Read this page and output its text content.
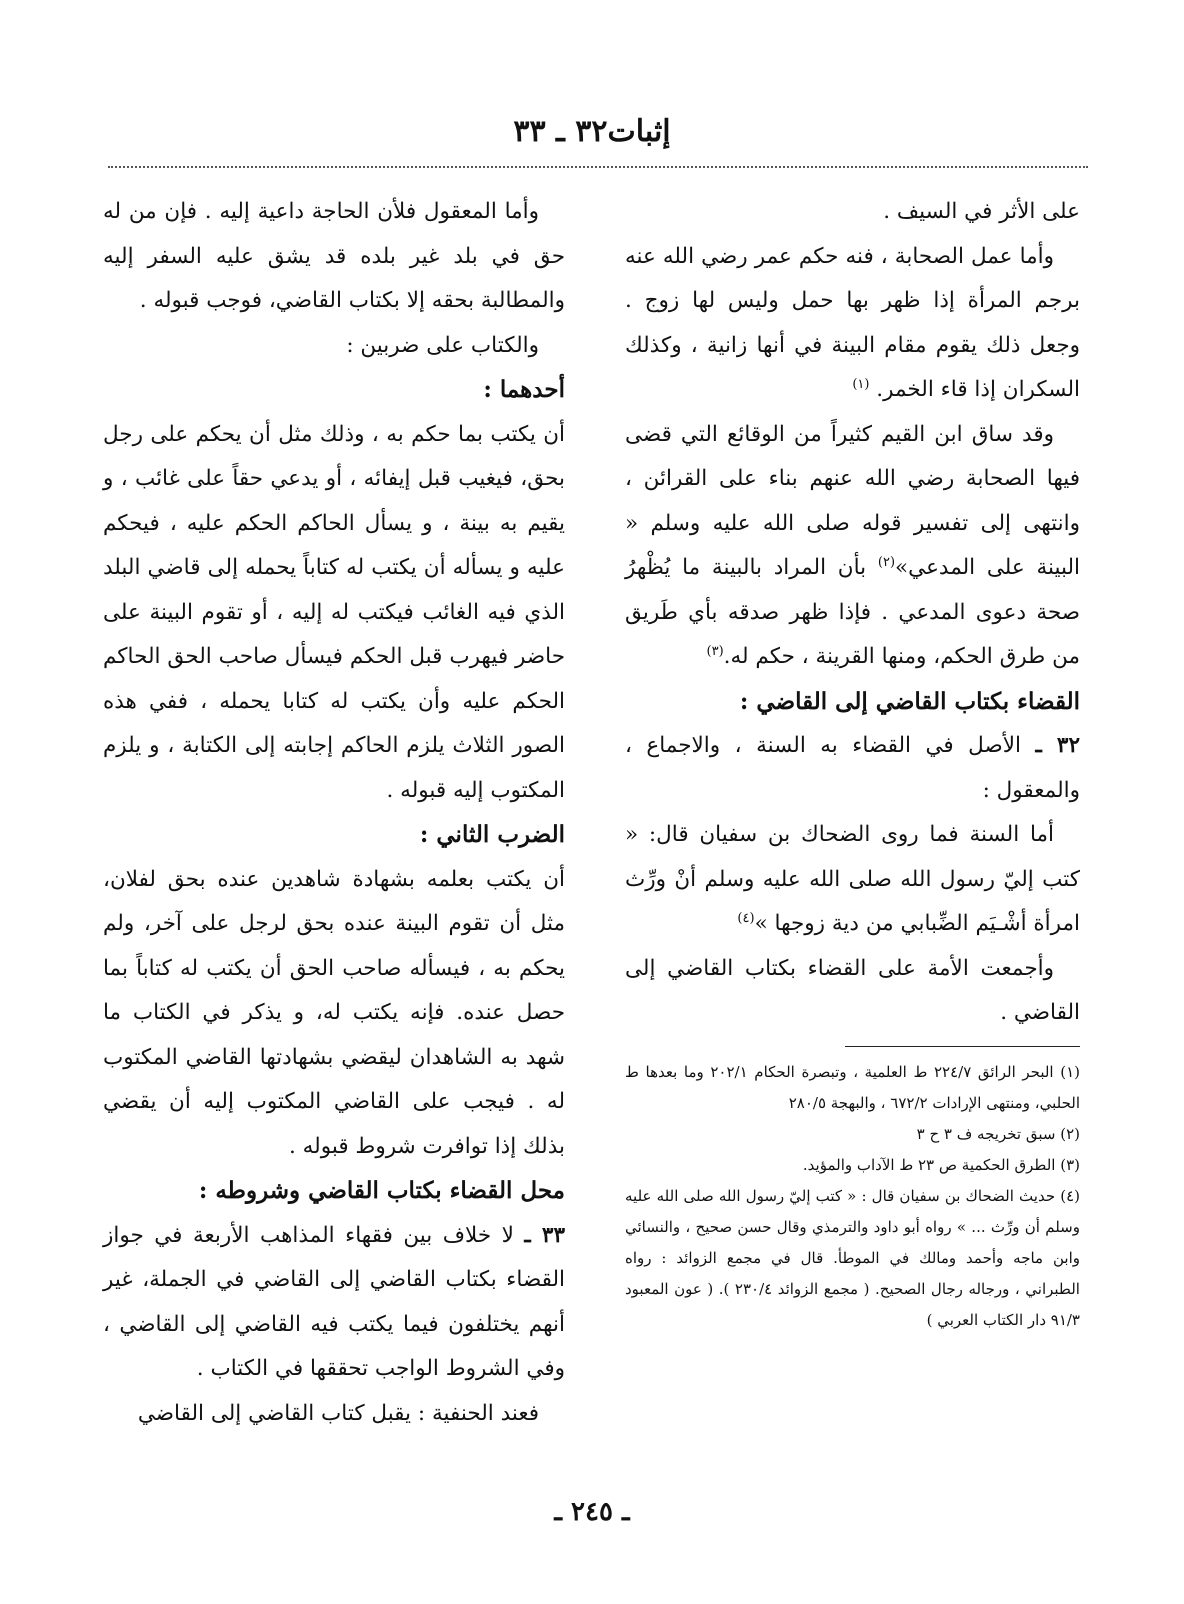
إثبات٣٢ ـ ٣٣

على الأثر في السيف .

وأما عمل الصحابة ، فنه حكم عمر رضي الله عنه برجم المرأة إذا ظهر بها حمل وليس لها زوج . وجعل ذلك يقوم مقام البينة في أنها زانية ، وكذلك السكران إذا قاء الخمر. $^{(١)}$

وقد ساق ابن القيم كثيراً من الوقائع التي قضى فيها الصحابة رضي الله عنهم بناء على القرائن ، وانتهى إلى تفسير قوله صلى الله عليه وسلم « البينة على المدعي»$^{(٢)}$ بأن المراد بالبينة ما يُظْهرُ صحة دعوى المدعي . فإذا ظهر صدقه بأي طَريق من طرق الحكم، ومنها القرينة ، حكم له.$^{(٣)}$

القضاء بكتاب القاضي إلى القاضي :

٣٢ ـ الأصل في القضاء به السنة ، والاجماع ، والمعقول :

أما السنة فما روى الضحاك بن سفيان قال: « كتب إليّ رسول الله صلى الله عليه وسلم أنْ ورِّث امرأة أشْـيَم الضِّبابي من دية زوجها »$^{(٤)}$

وأجمعت الأمة على القضاء بكتاب القاضي إلى القاضي .

(١) البحر الرائق ٢٢٤/٧ ط العلمية ، وتبصرة الحكام ٢٠٢/١ وما بعدها ط الحلبي، ومنتهى الإرادات ٦٧٢/٢ ، والبهجة ٢٨٠/٥

(٢) سبق تخريجه ف ٣ ح ٣

(٣) الطرق الحكمية ص ٢٣ ط الآداب والمؤيد.

(٤) حديث الضحاك بن سفيان قال : « كتب إليّ رسول الله صلى الله عليه وسلم أن ورِّث ... » رواه أبو داود والترمذي وقال حسن صحيح ، والنسائي وابن ماجه وأحمد ومالك في الموطأ. قال في مجمع الزوائد : رواه الطبراني ، ورجاله رجال الصحيح. ( مجمع الزوائد ٢٣٠/٤ ). ( عون المعبود ٩١/٣ دار الكتاب العربي )

وأما المعقول فلأن الحاجة داعية إليه . فإن من له حق في بلد غير بلده قد يشق عليه السفر إليه والمطالبة بحقه إلا بكتاب القاضي، فوجب قبوله .

والكتاب على ضربين :

أحدهما :

أن يكتب بما حكم به ، وذلك مثل أن يحكم على رجل بحق، فيغيب قبل إيفائه ، أو يدعي حقاً على غائب ، و يقيم به بينة ، و يسأل الحاكم الحكم عليه ، فيحكم عليه و يسأله أن يكتب له كتاباً يحمله إلى قاضي البلد الذي فيه الغائب فيكتب له إليه ، أو تقوم البينة على حاضر فيهرب قبل الحكم فيسأل صاحب الحق الحاكم الحكم عليه وأن يكتب له كتابا يحمله ، ففي هذه الصور الثلاث يلزم الحاكم إجابته إلى الكتابة ، و يلزم المكتوب إليه قبوله .

الضرب الثاني :

أن يكتب بعلمه بشهادة شاهدين عنده بحق لفلان، مثل أن تقوم البينة عنده بحق لرجل على آخر، ولم يحكم به ، فيسأله صاحب الحق أن يكتب له كتاباً بما حصل عنده. فإنه يكتب له، و يذكر في الكتاب ما شهد به الشاهدان ليقضي بشهادتها القاضي المكتوب له . فيجب على القاضي المكتوب إليه أن يقضي بذلك إذا توافرت شروط قبوله .

محل القضاء بكتاب القاضي وشروطه :

٣٣ ـ لا خلاف بين فقهاء المذاهب الأربعة في جواز القضاء بكتاب القاضي إلى القاضي في الجملة، غير أنهم يختلفون فيما يكتب فيه القاضي إلى القاضي ، وفي الشروط الواجب تحققها في الكتاب .

فعند الحنفية : يقبل كتاب القاضي إلى القاضي

ـ ٢٤٥ ـ
